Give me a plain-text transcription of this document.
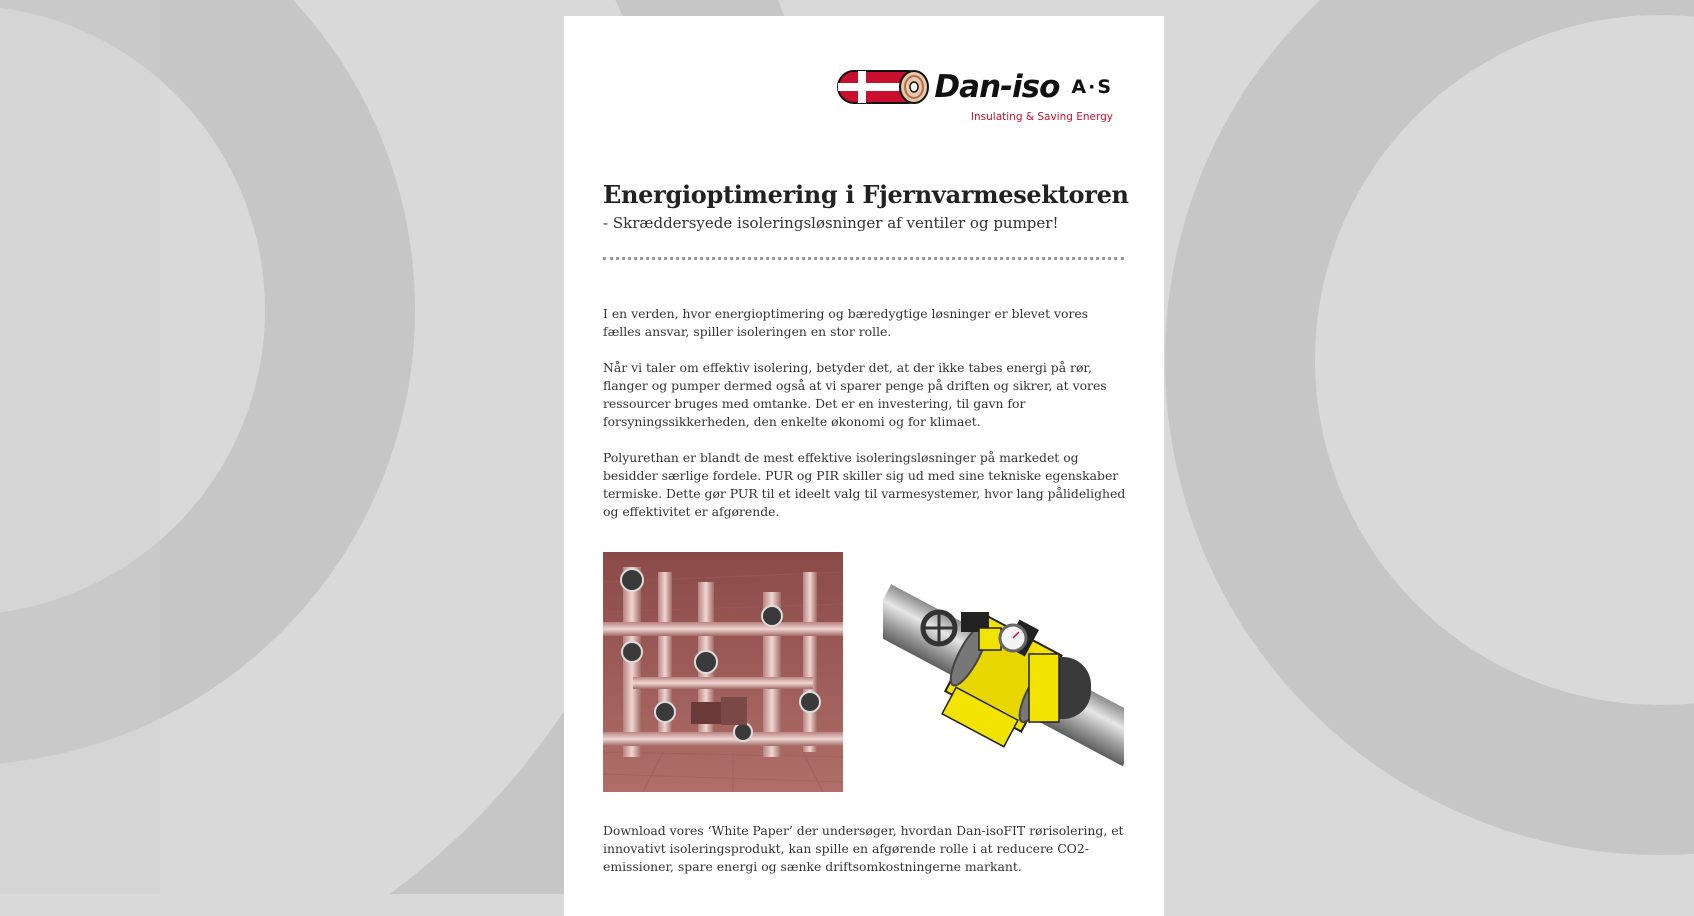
Dan-iso A·S
Insulating & Saving Energy
Energioptimering i Fjernvarmesektoren

- Skræddersyede isoleringsløsninger af ventiler og pumper!

I en verden, hvor energioptimering og bæredygtige løsninger er blevet vores fælles ansvar, spiller isoleringen en stor rolle.

Når vi taler om effektiv isolering, betyder det, at der ikke tabes energi på rør, flanger og pumper dermed også at vi sparer penge på driften og sikrer, at vores ressourcer bruges med omtanke. Det er en investering, til gavn for forsyningssikkerheden, den enkelte økonomi og for klimaet.

Polyurethan er blandt de mest effektive isoleringsløsninger på markedet og besidder særlige fordele. PUR og PIR skiller sig ud med sine tekniske egenskaber termiske. Dette gør PUR til et ideelt valg til varmesystemer, hvor lang pålidelighed og effektivitet er afgørende.

Download vores ‘White Paper’ der undersøger, hvordan Dan-isoFIT rørisolering, et innovativt isoleringsprodukt, kan spille en afgørende rolle i at reducere CO2-emissioner, spare energi og sænke driftsomkostningerne markant.
